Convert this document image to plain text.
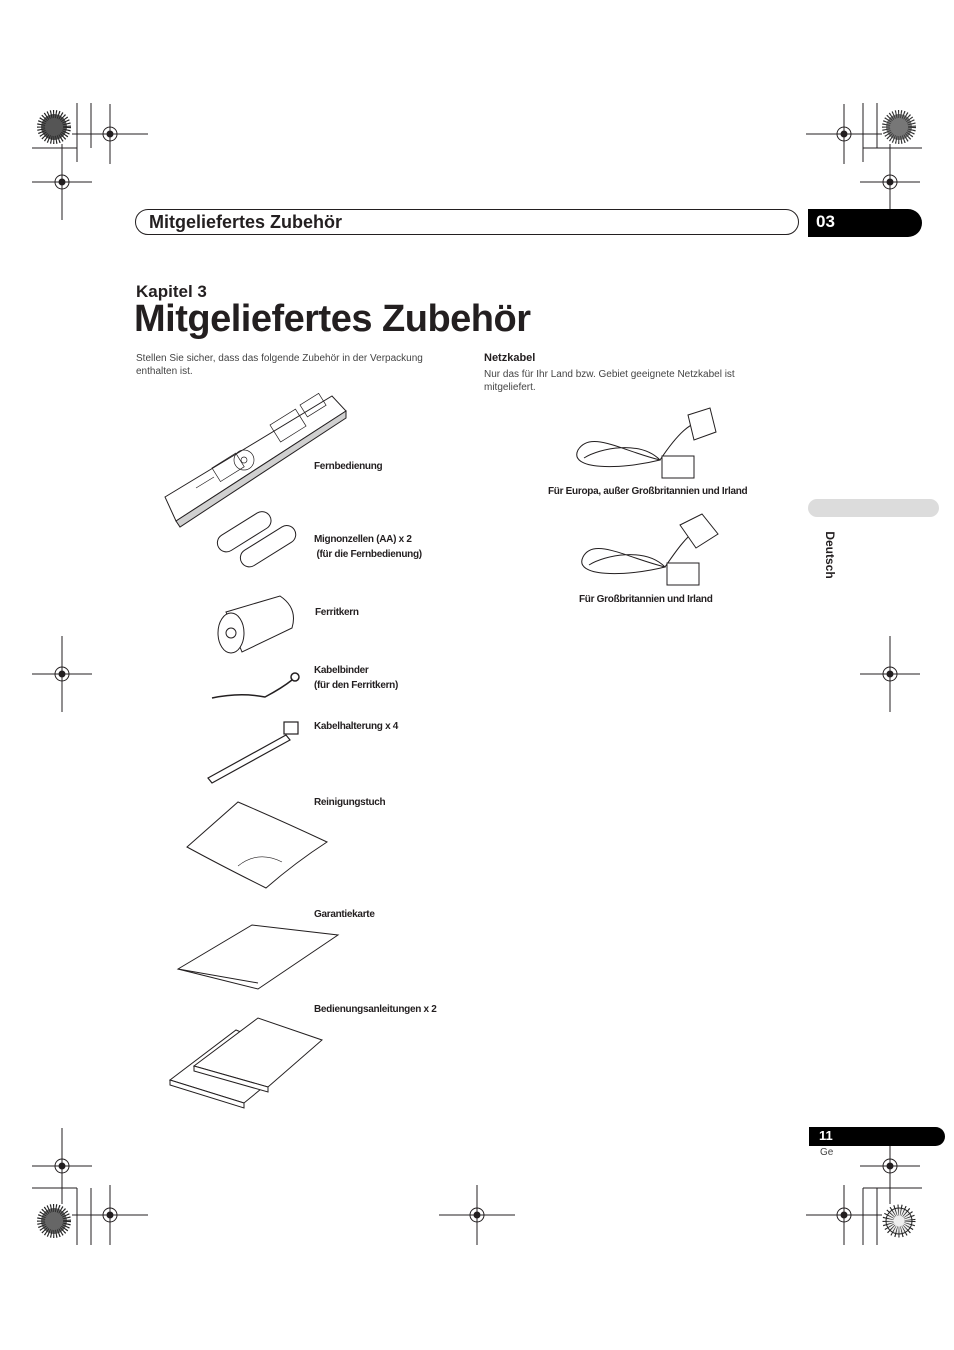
Mitgeliefertes Zubehör	03
Kapitel 3
Mitgeliefertes Zubehör
Stellen Sie sicher, dass das folgende Zubehör in der Verpackung enthalten ist.
Netzkabel
Nur das für Ihr Land bzw. Gebiet geeignete Netzkabel ist mitgeliefert.
Fernbedienung
Mignonzellen (AA) x 2
(für die Fernbedienung)
Ferritkern
Kabelbinder
(für den Ferritkern)
Kabelhalterung x 4
Reinigungstuch
Garantiekarte
Bedienungsanleitungen x 2
Für Europa, außer Großbritannien und Irland
Für Großbritannien und Irland
Deutsch
11
Ge
